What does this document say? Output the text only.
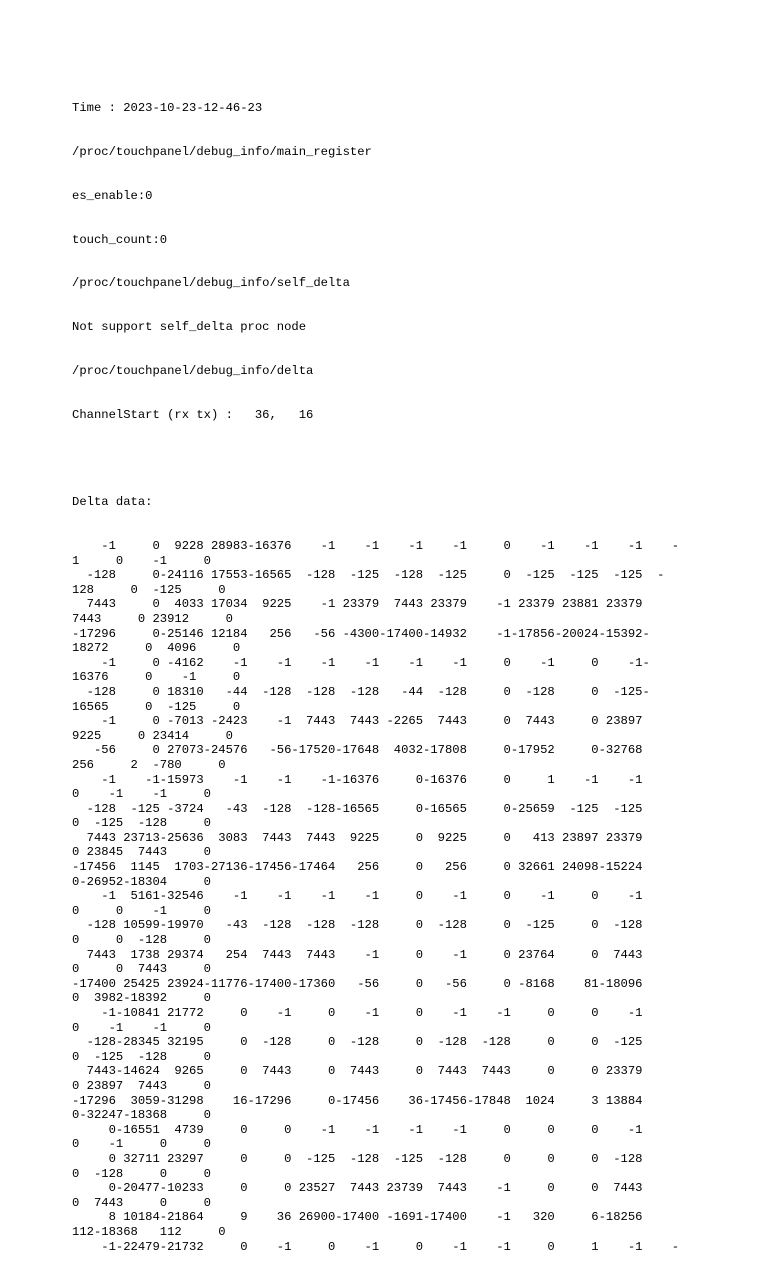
Time : 2023-10-23-12-46-23

/proc/touchpanel/debug_info/main_register

es_enable:0

touch_count:0

/proc/touchpanel/debug_info/self_delta

Not support self_delta proc node

/proc/touchpanel/debug_info/delta

ChannelStart (rx tx) :   36,   16

Delta data:

-1     0  9228 28983-16376    -1    -1    -1    -1     0    -1    -1    -1    -
1     0    -1     0
-128     0-24116 17553-16565  -128  -125  -128  -125     0  -125  -125  -125  -
128     0  -125     0
7443     0  4033 17034  9225    -1 23379  7443 23379    -1 23379 23881 23379
7443     0 23912     0
-17296     0-25146 12184   256   -56 -4300-17400-14932    -1-17856-20024-15392-
18272     0  4096     0
-1     0 -4162    -1    -1    -1    -1    -1    -1     0    -1     0    -1-
16376     0    -1     0
-128     0 18310   -44  -128  -128  -128   -44  -128     0  -128     0  -125-
16565     0  -125     0
-1     0 -7013 -2423    -1  7443  7443 -2265  7443     0  7443     0 23897
9225     0 23414     0
-56     0 27073-24576   -56-17520-17648  4032-17808     0-17952     0-32768
256     2  -780     0
-1    -1-15973    -1    -1    -1-16376     0-16376     0     1    -1    -1
0    -1    -1     0
-128  -125 -3724   -43  -128  -128-16565     0-16565     0-25659  -125  -125
0  -125  -128     0
7443 23713-25636  3083  7443  7443  9225     0  9225     0   413 23897 23379
0 23845  7443     0
-17456  1145  1703-27136-17456-17464   256     0   256     0 32661 24098-15224
0-26952-18304     0
-1  5161-32546    -1    -1    -1    -1     0    -1     0    -1     0    -1
0     0    -1     0
-128 10599-19970   -43  -128  -128  -128     0  -128     0  -125     0  -128
0     0  -128     0
7443  1738 29374   254  7443  7443    -1     0    -1     0 23764     0  7443
0     0  7443     0
-17400 25425 23924-11776-17400-17360   -56     0   -56     0 -8168    81-18096
0  3982-18392     0
-1-10841 21772     0    -1     0    -1     0    -1    -1     0     0    -1
0    -1    -1     0
-128-28345 32195     0  -128     0  -128     0  -128  -128     0     0  -125
0  -125  -128     0
7443-14624  9265     0  7443     0  7443     0  7443  7443     0     0 23379
0 23897  7443     0
-17296  3059-31298    16-17296     0-17456    36-17456-17848  1024     3 13884
0-32247-18368     0
0-16551  4739     0     0    -1    -1    -1    -1     0     0     0    -1
0    -1     0     0
0 32711 23297     0     0  -125  -128  -125  -128     0     0     0  -128
0  -128     0     0
0-20477-10233     0     0 23527  7443 23739  7443    -1     0     0  7443
0  7443     0     0
8 10184-21864     9    36 26900-17400 -1691-17400    -1   320     6-18256
112-18368   112     0
-1-22479-21732     0    -1     0    -1     0    -1    -1     0     1    -1    -
